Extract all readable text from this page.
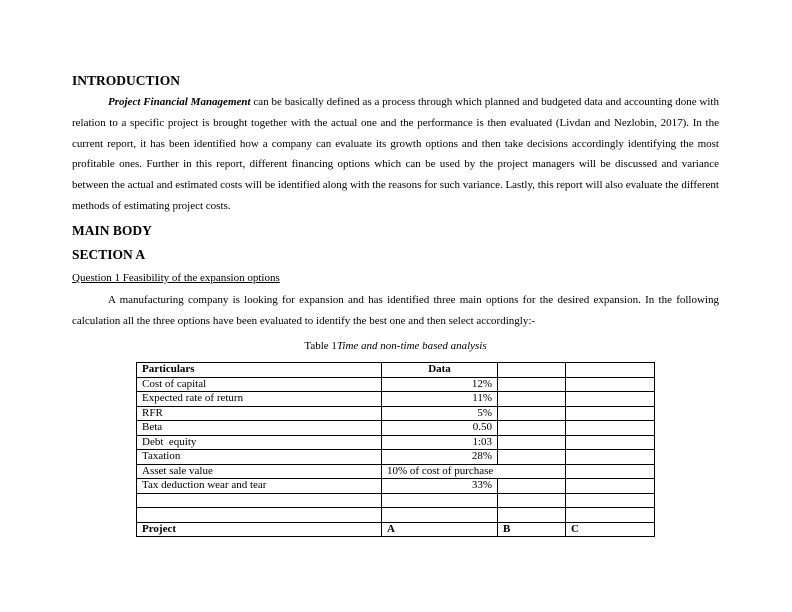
INTRODUCTION

Project Financial Management can be basically defined as a process through which planned and budgeted data and accounting done with relation to a specific project is brought together with the actual one and the performance is then evaluated (Livdan and Nezlobin, 2017). In the current report, it has been identified how a company can evaluate its growth options and then take decisions accordingly identifying the most profitable ones. Further in this report, different financing options which can be used by the project managers will be discussed and variance between the actual and estimated costs will be identified along with the reasons for such variance. Lastly, this report will also evaluate the different methods of estimating project costs.

MAIN BODY
SECTION A

Question 1 Feasibility of the expansion options

A manufacturing company is looking for expansion and has identified three main options for the desired expansion. In the following calculation all the three options have been evaluated to identify the best one and then select accordingly:-

Table 1Time and non-time based analysis

Particulars	Data		
Cost of capital	12%		
Expected rate of return	11%		
RFR	5%		
Beta	0.50		
Debt  equity	1:03		
Taxation	28%		
Asset sale value	10% of cost of purchase		
Tax deduction wear and tear	33%		

Project	A	B	C
